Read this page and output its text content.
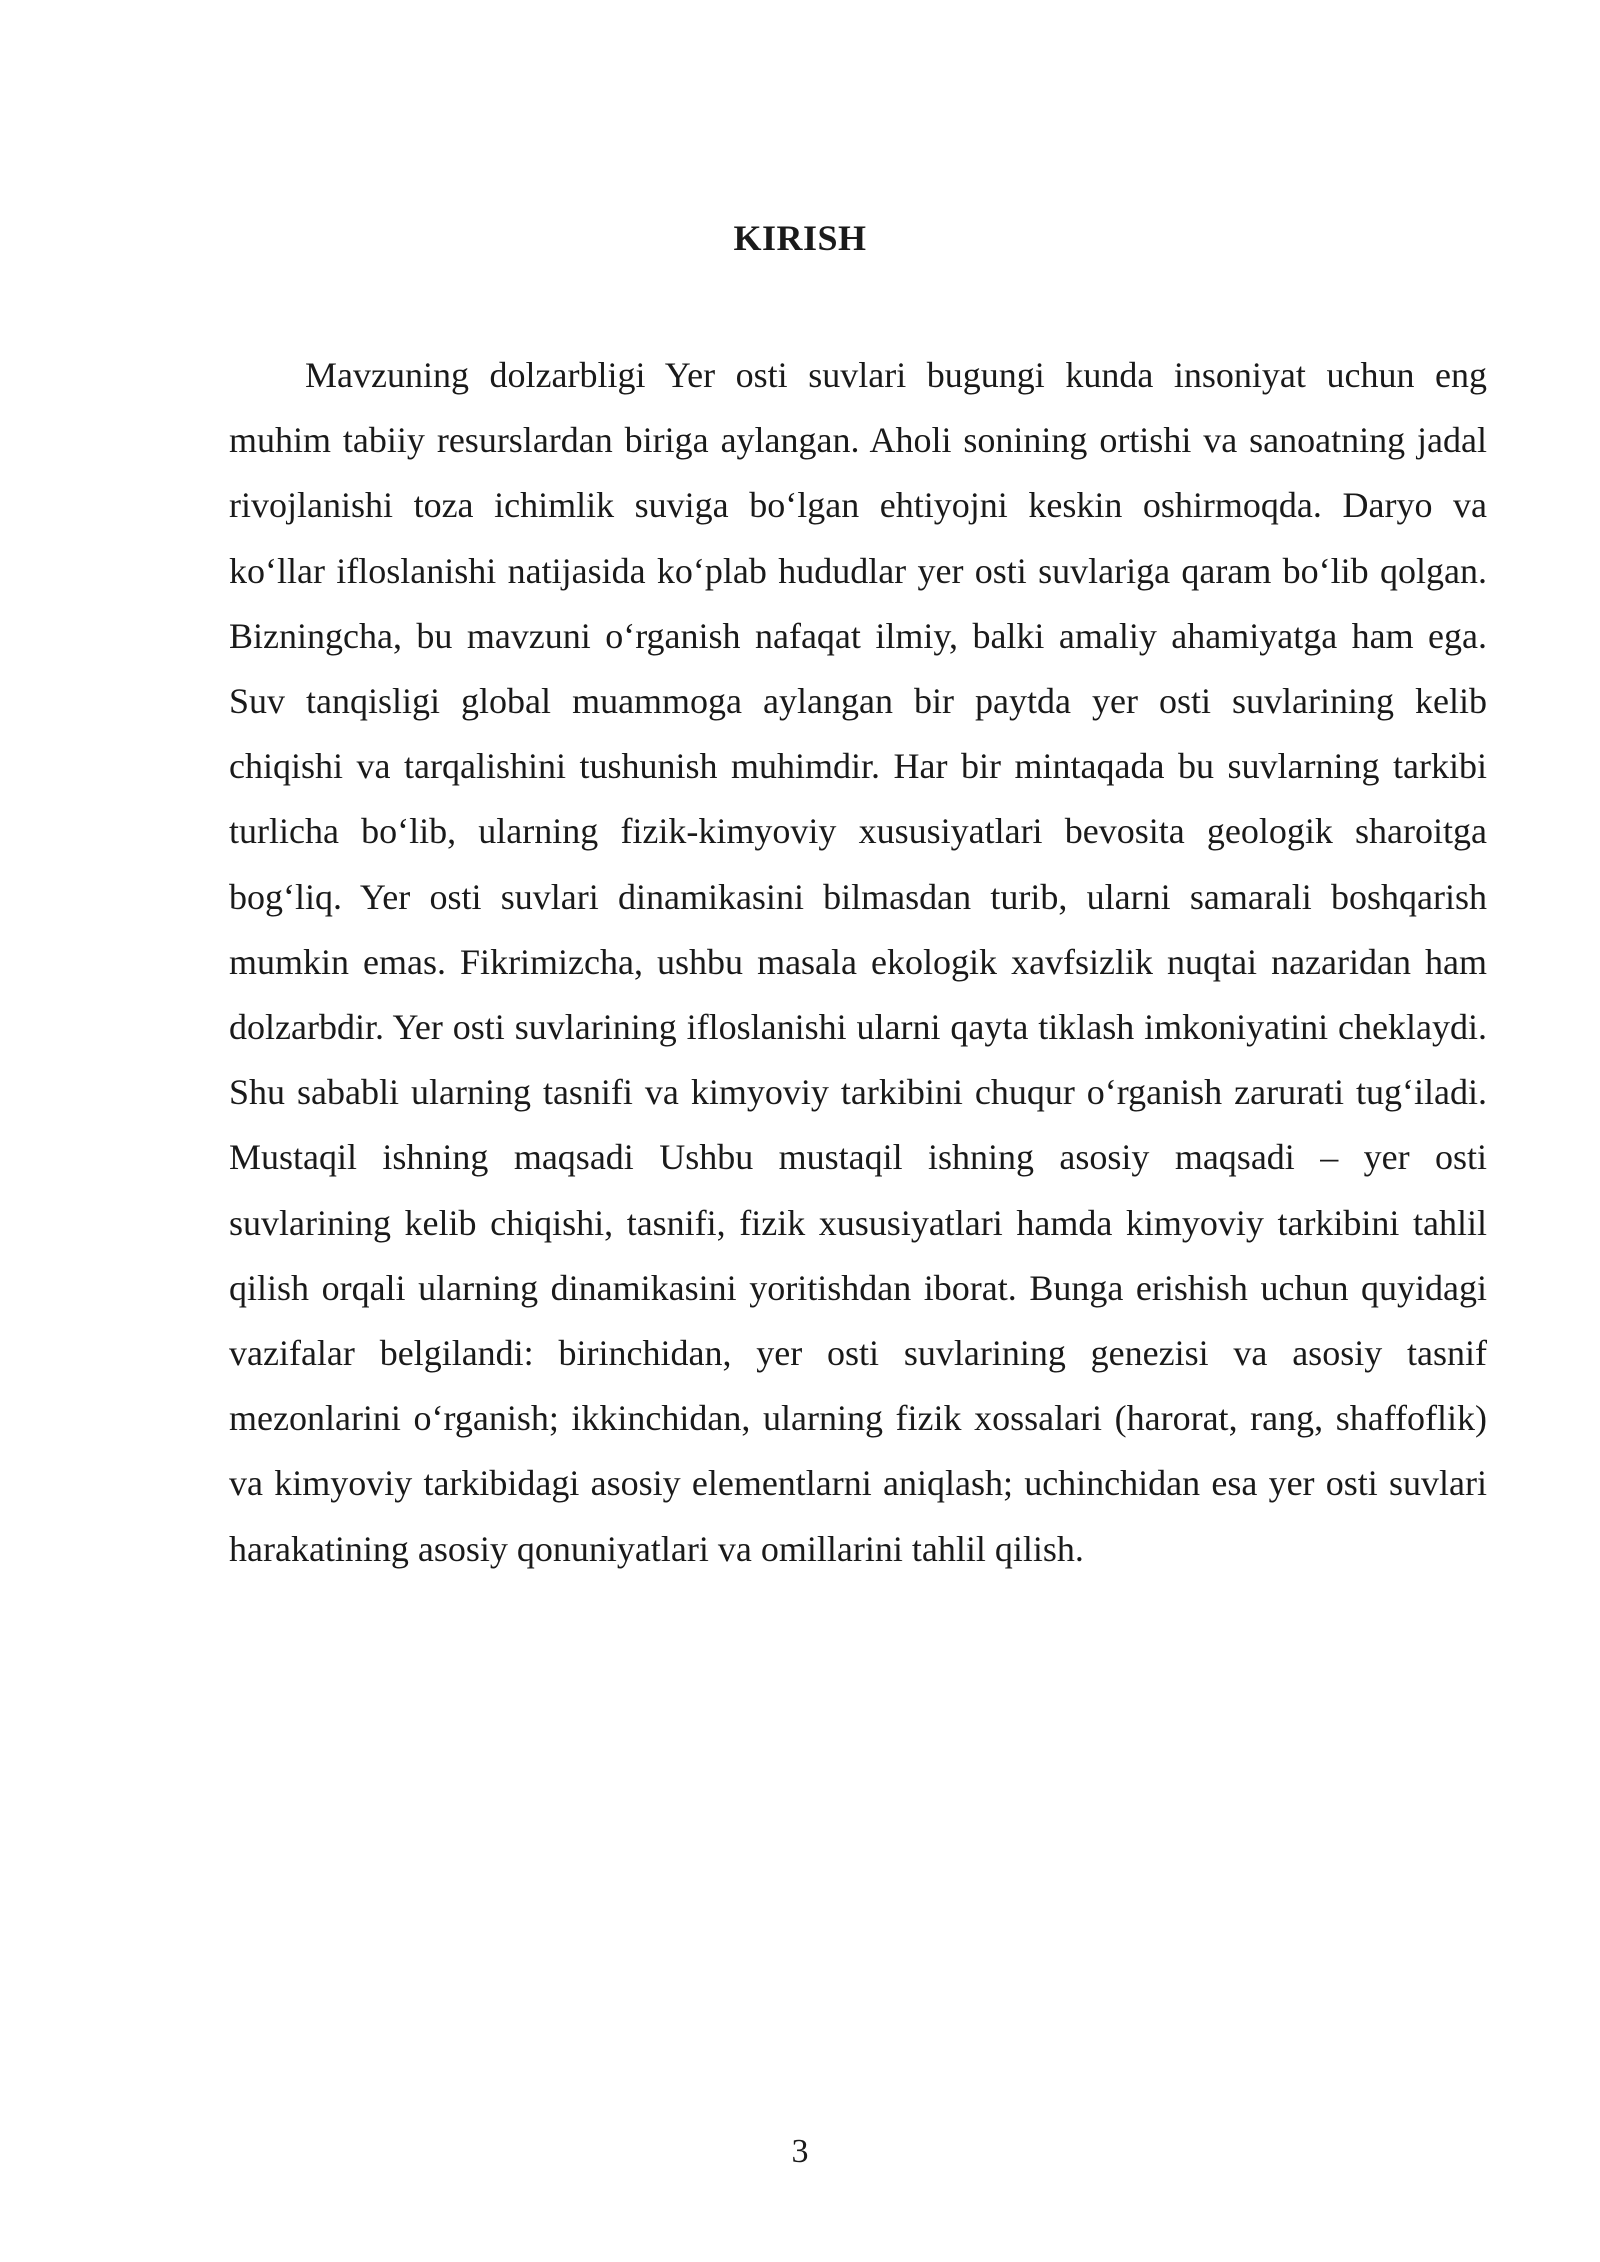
KIRISH

Mavzuning dolzarbligi Yer osti suvlari bugungi kunda insoniyat uchun eng muhim tabiiy resurslardan biriga aylangan. Aholi sonining ortishi va sanoatning jadal rivojlanishi toza ichimlik suviga bo‘lgan ehtiyojni keskin oshirmoqda. Daryo va ko‘llar ifloslanishi natijasida ko‘plab hududlar yer osti suvlariga qaram bo‘lib qolgan. Bizningcha, bu mavzuni o‘rganish nafaqat ilmiy, balki amaliy ahamiyatga ham ega. Suv tanqisligi global muammoga aylangan bir paytda yer osti suvlarining kelib chiqishi va tarqalishini tushunish muhimdir. Har bir mintaqada bu suvlarning tarkibi turlicha bo‘lib, ularning fizik-kimyoviy xususiyatlari bevosita geologik sharoitga bog‘liq. Yer osti suvlari dinamikasini bilmasdan turib, ularni samarali boshqarish mumkin emas. Fikrimizcha, ushbu masala ekologik xavfsizlik nuqtai nazaridan ham dolzarbdir. Yer osti suvlarining ifloslanishi ularni qayta tiklash imkoniyatini cheklaydi. Shu sababli ularning tasnifi va kimyoviy tarkibini chuqur o‘rganish zarurati tug‘iladi. Mustaqil ishning maqsadi Ushbu mustaqil ishning asosiy maqsadi – yer osti suvlarining kelib chiqishi, tasnifi, fizik xususiyatlari hamda kimyoviy tarkibini tahlil qilish orqali ularning dinamikasini yoritishdan iborat. Bunga erishish uchun quyidagi vazifalar belgilandi: birinchidan, yer osti suvlarining genezisi va asosiy tasnif mezonlarini o‘rganish; ikkinchidan, ularning fizik xossalari (harorat, rang, shaffoflik) va kimyoviy tarkibidagi asosiy elementlarni aniqlash; uchinchidan esa yer osti suvlari harakatining asosiy qonuniyatlari va omillarini tahlil qilish.

3
